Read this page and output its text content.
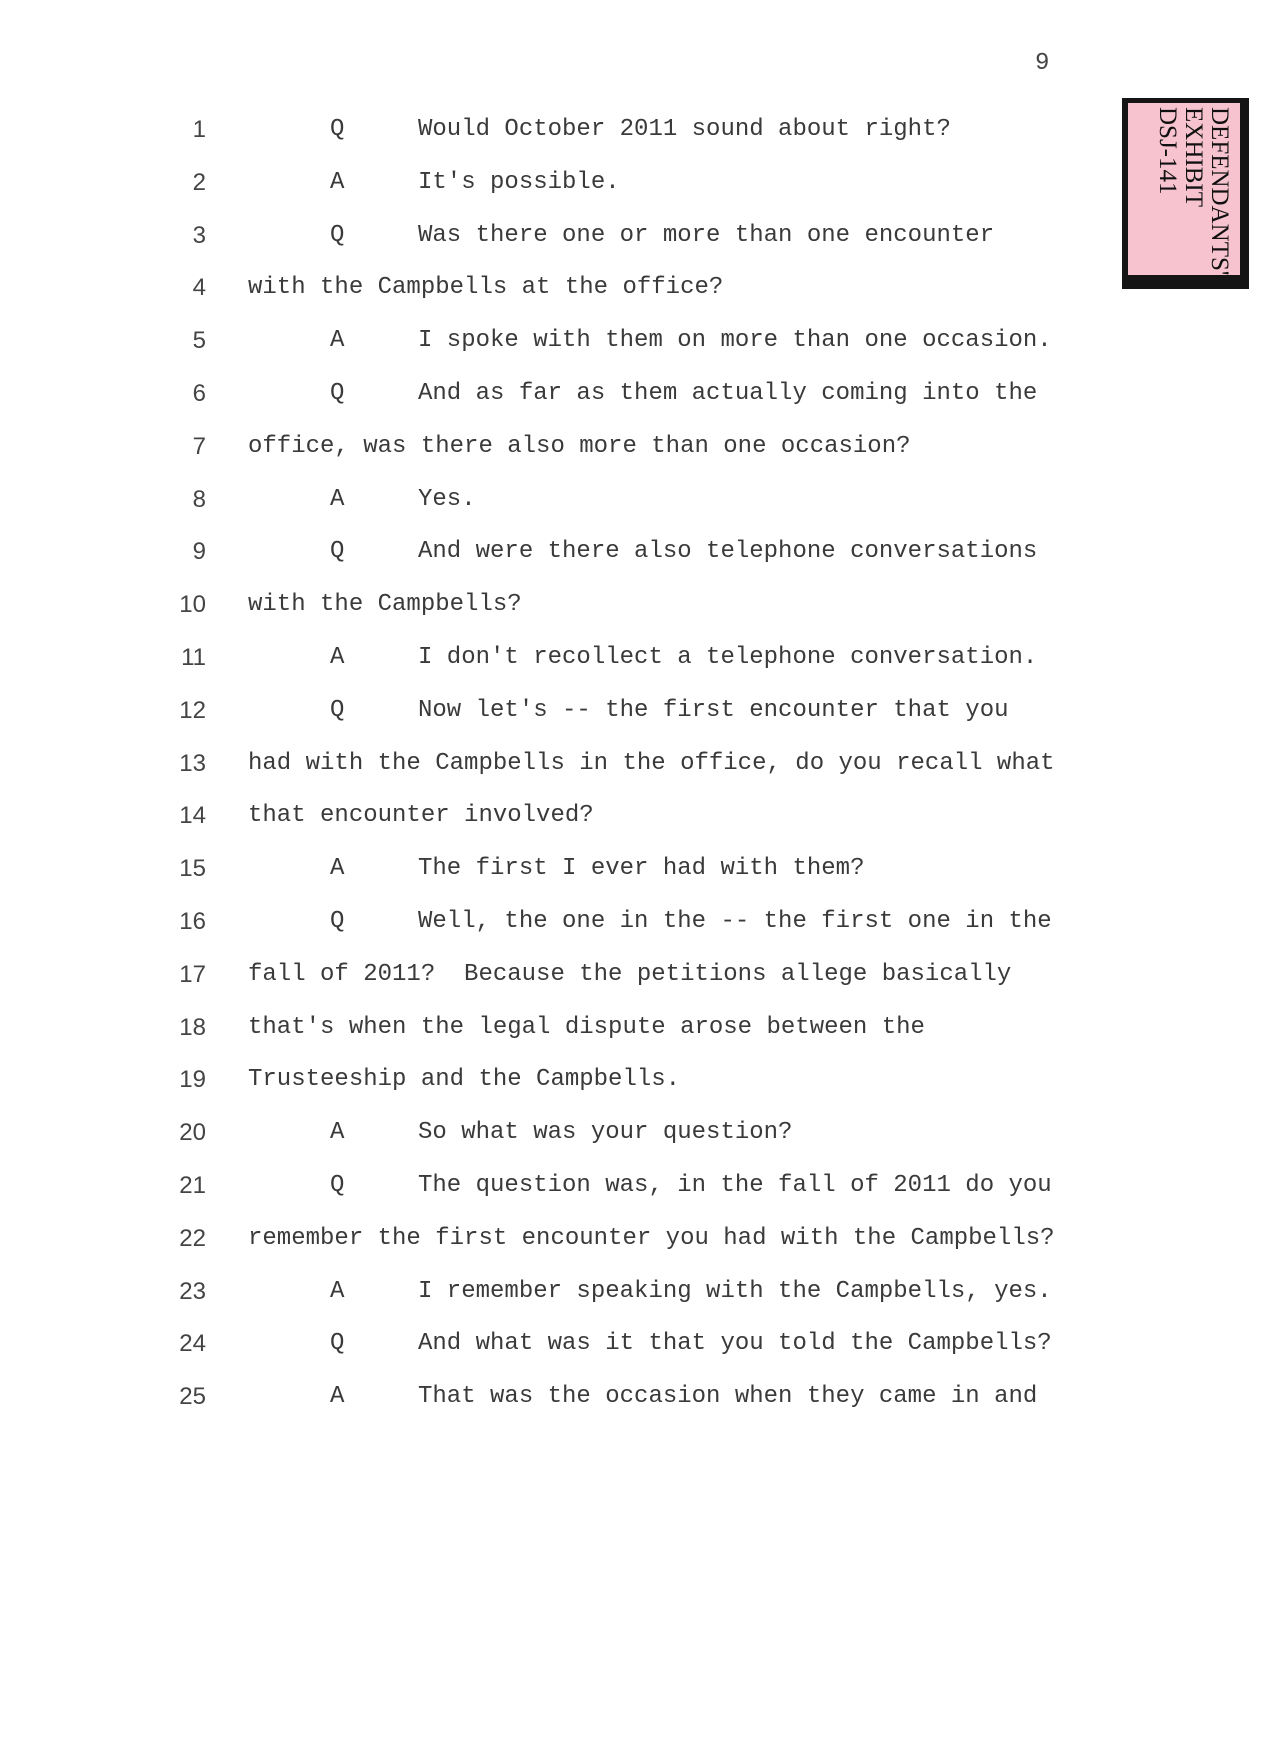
9
DEFENDANTS'
EXHIBIT
DSJ-141
1	Q	Would October 2011 sound about right?
2	A	It's possible.
3	Q	Was there one or more than one encounter
4 with the Campbells at the office?
5	A	I spoke with them on more than one occasion.
6	Q	And as far as them actually coming into the
7 office, was there also more than one occasion?
8	A	Yes.
9	Q	And were there also telephone conversations
10 with the Campbells?
11	A	I don't recollect a telephone conversation.
12	Q	Now let's -- the first encounter that you
13 had with the Campbells in the office, do you recall what
14 that encounter involved?
15	A	The first I ever had with them?
16	Q	Well, the one in the -- the first one in the
17 fall of 2011?  Because the petitions allege basically
18 that's when the legal dispute arose between the
19 Trusteeship and the Campbells.
20	A	So what was your question?
21	Q	The question was, in the fall of 2011 do you
22 remember the first encounter you had with the Campbells?
23	A	I remember speaking with the Campbells, yes.
24	Q	And what was it that you told the Campbells?
25	A	That was the occasion when they came in and
